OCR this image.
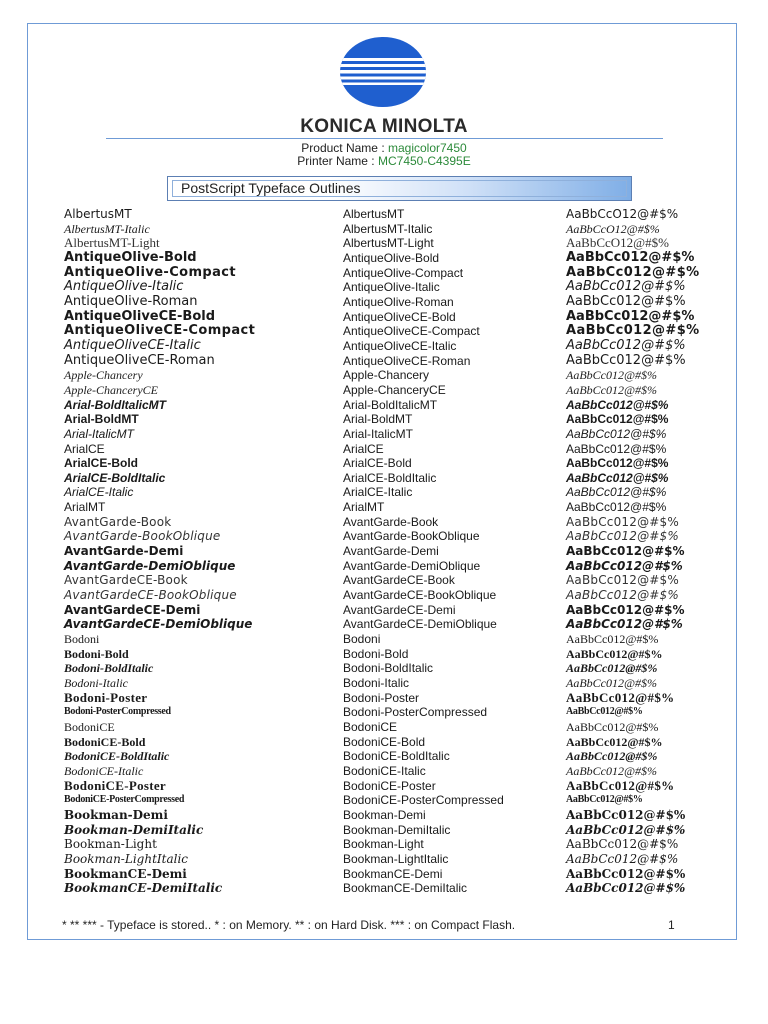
KONICA MINOLTA
Product Name : magicolor7450
Printer Name : MC7450-C4395E
PostScript Typeface Outlines
AlbertusMT	AlbertusMT	AaBbCcO12@#$%
AlbertusMT-Italic	AlbertusMT-Italic	AaBbCcO12@#$%
AlbertusMT-Light	AlbertusMT-Light	AaBbCcO12@#$%
AntiqueOlive-Bold	AntiqueOlive-Bold	AaBbCc012@#$%
AntiqueOlive-Compact	AntiqueOlive-Compact	AaBbCc012@#$%
AntiqueOlive-Italic	AntiqueOlive-Italic	AaBbCc012@#$%
AntiqueOlive-Roman	AntiqueOlive-Roman	AaBbCc012@#$%
AntiqueOliveCE-Bold	AntiqueOliveCE-Bold	AaBbCc012@#$%
AntiqueOliveCE-Compact	AntiqueOliveCE-Compact	AaBbCc012@#$%
AntiqueOliveCE-Italic	AntiqueOliveCE-Italic	AaBbCc012@#$%
AntiqueOliveCE-Roman	AntiqueOliveCE-Roman	AaBbCc012@#$%
Apple-Chancery	Apple-Chancery	AaBbCc012@#$%
Apple-ChanceryCE	Apple-ChanceryCE	AaBbCc012@#$%
Arial-BoldItalicMT	Arial-BoldItalicMT	AaBbCc012@#$%
Arial-BoldMT	Arial-BoldMT	AaBbCc012@#$%
Arial-ItalicMT	Arial-ItalicMT	AaBbCc012@#$%
ArialCE	ArialCE	AaBbCc012@#$%
ArialCE-Bold	ArialCE-Bold	AaBbCc012@#$%
ArialCE-BoldItalic	ArialCE-BoldItalic	AaBbCc012@#$%
ArialCE-Italic	ArialCE-Italic	AaBbCc012@#$%
ArialMT	ArialMT	AaBbCc012@#$%
AvantGarde-Book	AvantGarde-Book	AaBbCc012@#$%
AvantGarde-BookOblique	AvantGarde-BookOblique	AaBbCc012@#$%
AvantGarde-Demi	AvantGarde-Demi	AaBbCc012@#$%
AvantGarde-DemiOblique	AvantGarde-DemiOblique	AaBbCc012@#$%
AvantGardeCE-Book	AvantGardeCE-Book	AaBbCc012@#$%
AvantGardeCE-BookOblique	AvantGardeCE-BookOblique	AaBbCc012@#$%
AvantGardeCE-Demi	AvantGardeCE-Demi	AaBbCc012@#$%
AvantGardeCE-DemiOblique	AvantGardeCE-DemiOblique	AaBbCc012@#$%
Bodoni	Bodoni	AaBbCc012@#$%
Bodoni-Bold	Bodoni-Bold	AaBbCc012@#$%
Bodoni-BoldItalic	Bodoni-BoldItalic	AaBbCc012@#$%
Bodoni-Italic	Bodoni-Italic	AaBbCc012@#$%
Bodoni-Poster	Bodoni-Poster	AaBbCc012@#$%
Bodoni-PosterCompressed	Bodoni-PosterCompressed	AaBbCc012@#$%
BodoniCE	BodoniCE	AaBbCc012@#$%
BodoniCE-Bold	BodoniCE-Bold	AaBbCc012@#$%
BodoniCE-BoldItalic	BodoniCE-BoldItalic	AaBbCc012@#$%
BodoniCE-Italic	BodoniCE-Italic	AaBbCc012@#$%
BodoniCE-Poster	BodoniCE-Poster	AaBbCc012@#$%
BodoniCE-PosterCompressed	BodoniCE-PosterCompressed	AaBbCc012@#$%
Bookman-Demi	Bookman-Demi	AaBbCc012@#$%
Bookman-DemiItalic	Bookman-DemiItalic	AaBbCc012@#$%
Bookman-Light	Bookman-Light	AaBbCc012@#$%
Bookman-LightItalic	Bookman-LightItalic	AaBbCc012@#$%
BookmanCE-Demi	BookmanCE-Demi	AaBbCc012@#$%
BookmanCE-DemiItalic	BookmanCE-DemiItalic	AaBbCc012@#$%
* ** *** - Typeface is stored.. * : on Memory. ** : on Hard Disk. *** : on Compact Flash.	1
